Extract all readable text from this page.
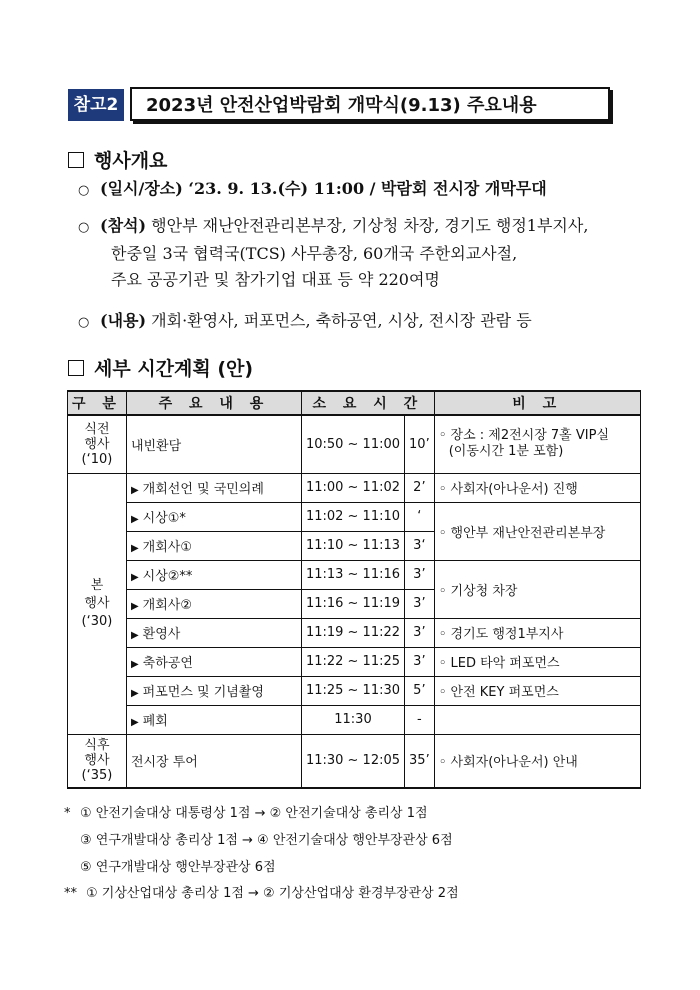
참고2	2023년 안전산업박람회 개막식(9.13) 주요내용
행사개요
○ (일시/장소) ‘23. 9. 13.(수) 11:00 / 박람회 전시장 개막무대
○ (참석) 행안부 재난안전관리본부장, 기상청 차장, 경기도 행정1부지사,
한중일 3국 협력국(TCS) 사무총장, 60개국 주한외교사절,
주요 공공기관 및 참가기업 대표 등 약 220여명
○ (내용) 개회·환영사, 퍼포먼스, 축하공연, 시상, 전시장 관람 등
세부 시간계획 (안)
구 분	주 요 내 용	소 요 시 간		비 고
식전
행사
(‘10)	내빈환담	10:50 ~ 11:00	10’	◦ 장소 : 제2전시장 7홀 VIP실
(이동시간 1분 포함)
본
행사
(‘30)	▶ 개회선언 및 국민의례	11:00 ~ 11:02	2’	◦ 사회자(아나운서) 진행
	▶ 시상①*	11:02 ~ 11:10	‘	◦ 행안부 재난안전관리본부장
	▶ 개회사①	11:10 ~ 11:13	3‘	
	▶ 시상②**	11:13 ~ 11:16	3’	◦ 기상청 차장
	▶ 개회사②	11:16 ~ 11:19	3’	
	▶ 환영사	11:19 ~ 11:22	3’	◦ 경기도 행정1부지사
	▶ 축하공연	11:22 ~ 11:25	3’	◦ LED 타악 퍼포먼스
	▶ 퍼포먼스 및 기념촬영	11:25 ~ 11:30	5’	◦ 안전 KEY 퍼포먼스
	▶ 폐회	11:30	-	
식후
행사
(‘35)	전시장 투어	11:30 ~ 12:05	35’	◦ 사회자(아나운서) 안내
* ① 안전기술대상 대통령상 1점 → ② 안전기술대상 총리상 1점
③ 연구개발대상 총리상 1점 → ④ 안전기술대상 행안부장관상 6점
⑤ 연구개발대상 행안부장관상 6점
** ① 기상산업대상 총리상 1점 → ② 기상산업대상 환경부장관상 2점
